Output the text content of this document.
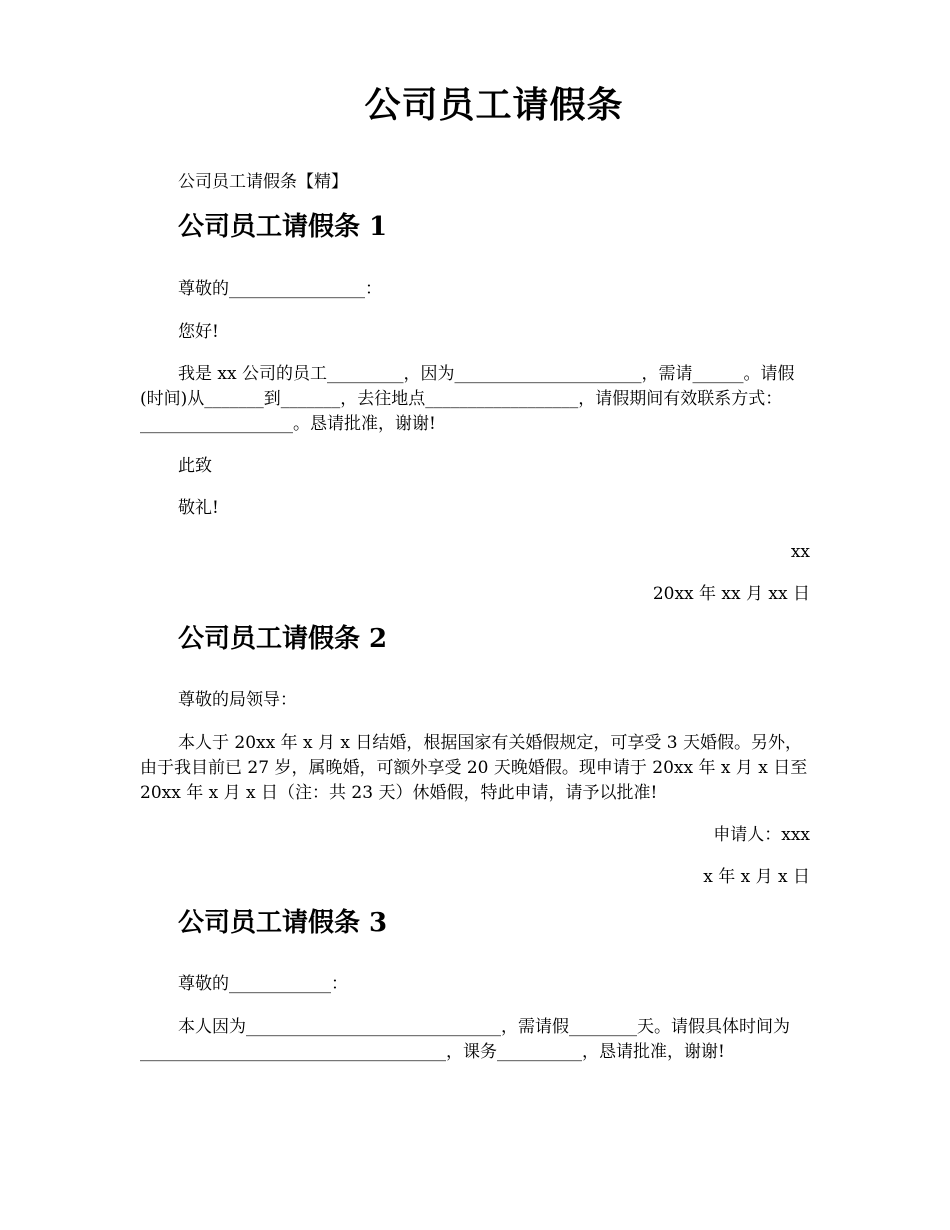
公司员工请假条
公司员工请假条【精】
公司员工请假条 1
尊敬的________________：
您好!
我是 xx 公司的员工_________，因为______________________，需请______。请假(时间)从_______到_______，去往地点__________________，请假期间有效联系方式：__________________。恳请批准，谢谢!
此致
敬礼!
xx
20xx 年 xx 月 xx 日
公司员工请假条 2
尊敬的局领导：
本人于 20xx 年 x 月 x 日结婚，根据国家有关婚假规定，可享受 3 天婚假。另外，由于我目前已 27 岁，属晚婚，可额外享受 20 天晚婚假。现申请于 20xx 年 x 月 x 日至 20xx 年 x 月 x 日（注：共 23 天）休婚假，特此申请，请予以批准!
申请人：xxx
x 年 x 月 x 日
公司员工请假条 3
尊敬的____________：
本人因为______________________________，需请假________天。请假具体时间为____________________________________，课务__________，恳请批准，谢谢!
